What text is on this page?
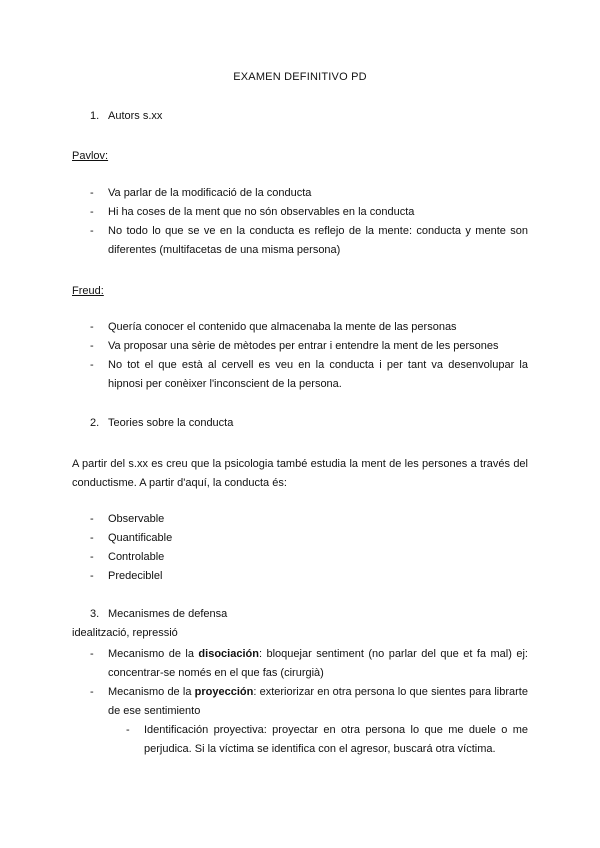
EXAMEN DEFINITIVO PD
1. Autors s.xx
Pavlov:
- Va parlar de la modificació de la conducta
- Hi ha coses de la ment que no són observables en la conducta
- No todo lo que se ve en la conducta es reflejo de la mente: conducta y mente son diferentes (multifacetas de una misma persona)
Freud:
- Quería conocer el contenido que almacenaba la mente de las personas
- Va proposar una sèrie de mètodes per entrar i entendre la ment de les persones
- No tot el que està al cervell es veu en la conducta i per tant va desenvolupar la hipnosi per conèixer l'inconscient de la persona.
2. Teories sobre la conducta
A partir del s.xx es creu que la psicologia també estudia la ment de les persones a través del conductisme. A partir d'aquí, la conducta és:
- Observable
- Quantificable
- Controlable
- Predeciblel
3. Mecanismes de defensa
idealització, repressió
- Mecanismo de la disociación: bloquejar sentiment (no parlar del que et fa mal) ej: concentrar-se només en el que fas (cirurgià)
- Mecanismo de la proyección: exteriorizar en otra persona lo que sientes para librarte de ese sentimiento
- Identificación proyectiva: proyectar en otra persona lo que me duele o me perjudica. Si la víctima se identifica con el agresor, buscará otra víctima.
